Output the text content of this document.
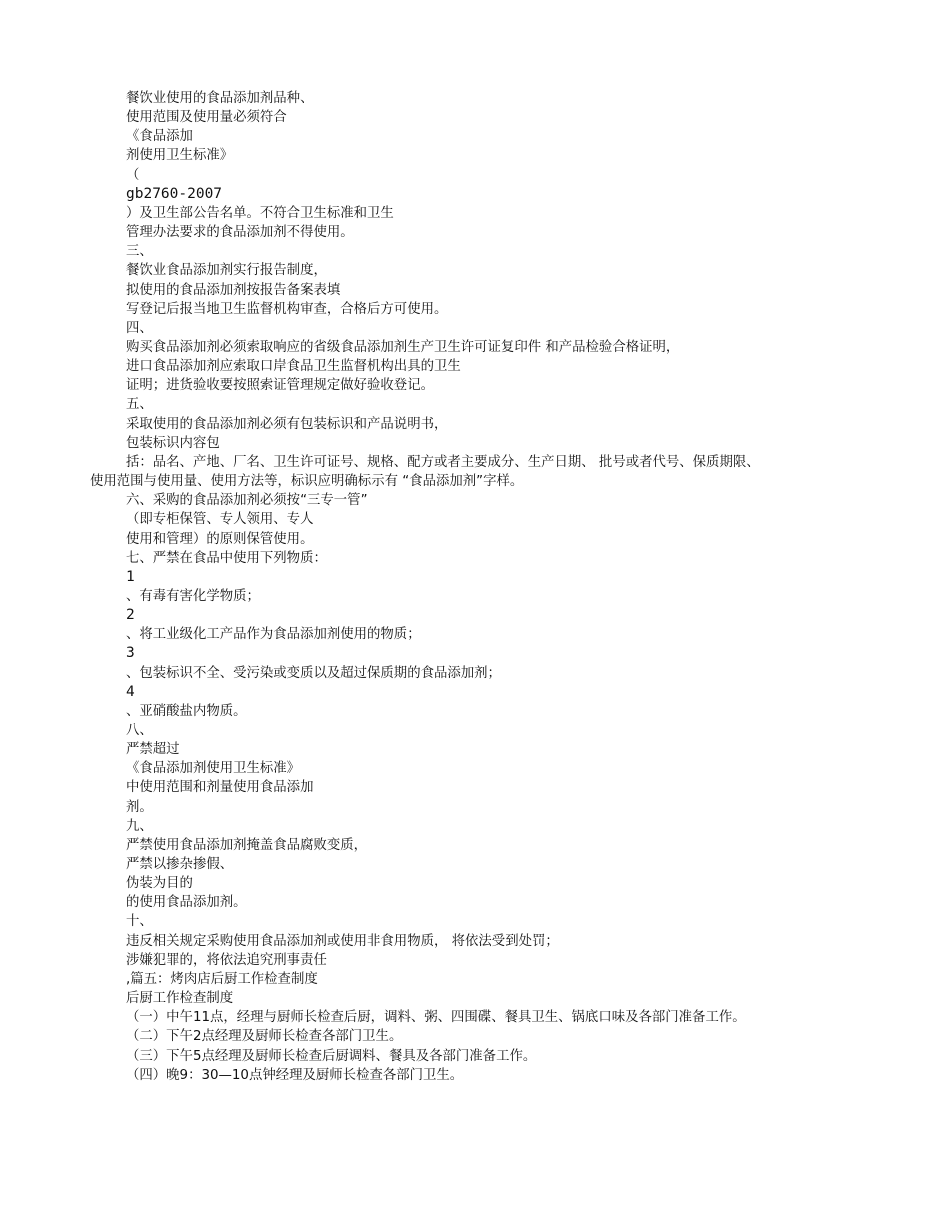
餐饮业使用的食品添加剂品种、
使用范围及使用量必须符合
《食品添加
剂使用卫生标准》
（
gb2760-2007
）及卫生部公告名单。不符合卫生标准和卫生
管理办法要求的食品添加剂不得使用。
三、
餐饮业食品添加剂实行报告制度，
拟使用的食品添加剂按报告备案表填
写登记后报当地卫生监督机构审查，合格后方可使用。
四、
购买食品添加剂必须索取响应的省级食品添加剂生产卫生许可证复印件 和产品检验合格证明，
进口食品添加剂应索取口岸食品卫生监督机构出具的卫生
证明；进货验收要按照索证管理规定做好验收登记。
五、
采取使用的食品添加剂必须有包装标识和产品说明书，
包装标识内容包
括：品名、产地、厂名、卫生许可证号、规格、配方或者主要成分、生产日期、 批号或者代号、保质期限、
使用范围与使用量、使用方法等，标识应明确标示有 “食品添加剂”字样。
六、采购的食品添加剂必须按“三专一管”
（即专柜保管、专人领用、专人
使用和管理）的原则保管使用。
七、严禁在食品中使用下列物质：
1
、有毒有害化学物质；
2
、将工业级化工产品作为食品添加剂使用的物质；
3
、包装标识不全、受污染或变质以及超过保质期的食品添加剂；
4
、亚硝酸盐内物质。
八、
严禁超过
《食品添加剂使用卫生标准》
中使用范围和剂量使用食品添加
剂。
九、
严禁使用食品添加剂掩盖食品腐败变质，
严禁以掺杂掺假、
伪装为目的
的使用食品添加剂。
十、
违反相关规定采购使用食品添加剂或使用非食用物质， 将依法受到处罚；
涉嫌犯罪的，将依法追究刑事责任
,篇五：烤肉店后厨工作检查制度
后厨工作检查制度
（一）中午11点，经理与厨师长检查后厨，调料、粥、四围碟、餐具卫生、锅底口味及各部门准备工作。
（二）下午2点经理及厨师长检查各部门卫生。
（三）下午5点经理及厨师长检查后厨调料、餐具及各部门准备工作。
（四）晚9：30—10点钟经理及厨师长检查各部门卫生。
